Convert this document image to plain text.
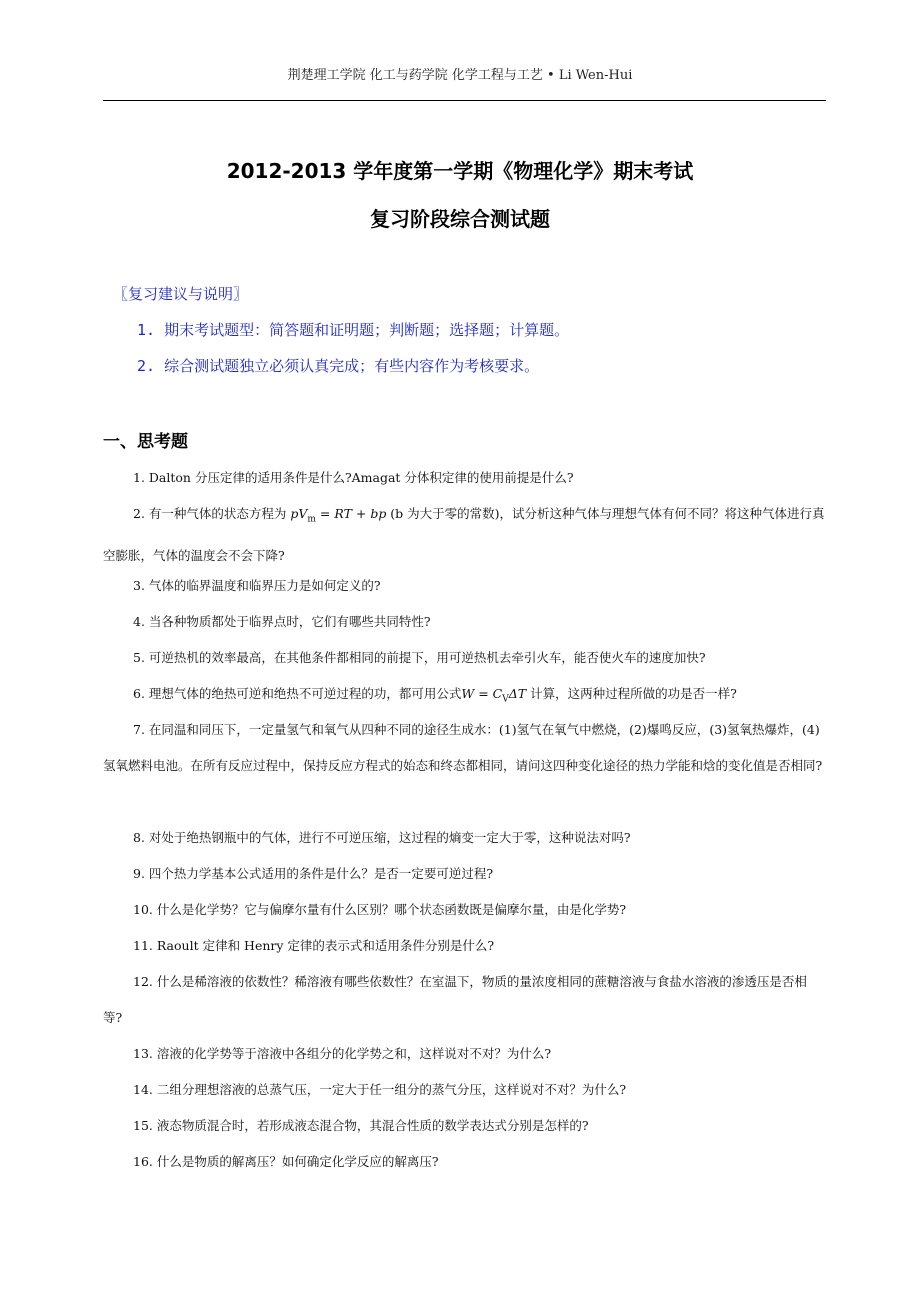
荆楚理工学院 化工与药学院 化学工程与工艺 • Li Wen-Hui
2012-2013 学年度第一学期《物理化学》期末考试
复习阶段综合测试题
〖复习建议与说明〗
1. 期末考试题型：简答题和证明题；判断题；选择题；计算题。
2. 综合测试题独立必须认真完成；有些内容作为考核要求。
一、思考题
1. Dalton 分压定律的适用条件是什么?Amagat 分体积定律的使用前提是什么?
2. 有一种气体的状态方程为 $pV_m$ = RT + bp (b 为大于零的常数)，试分析这种气体与理想气体有何不同？将这种气体进行真空膨胀，气体的温度会不会下降?
3. 气体的临界温度和临界压力是如何定义的?
4. 当各种物质都处于临界点时，它们有哪些共同特性?
5. 可逆热机的效率最高，在其他条件都相同的前提下，用可逆热机去牵引火车，能否使火车的速度加快?
6. 理想气体的绝热可逆和绝热不可逆过程的功，都可用公式$W = C_V\Delta T$ 计算，这两种过程所做的功是否一样?
7. 在同温和同压下，一定量氢气和氧气从四种不同的途径生成水：(1)氢气在氧气中燃烧，(2)爆鸣反应，(3)氢氧热爆炸，(4)氢氧燃料电池。在所有反应过程中，保持反应方程式的始态和终态都相同，请问这四种变化途径的热力学能和焓的变化值是否相同?
8. 对处于绝热钢瓶中的气体，进行不可逆压缩，这过程的熵变一定大于零，这种说法对吗?
9. 四个热力学基本公式适用的条件是什么？是否一定要可逆过程?
10. 什么是化学势？它与偏摩尔量有什么区别？哪个状态函数既是偏摩尔量，由是化学势?
11. Raoult 定律和 Henry 定律的表示式和适用条件分别是什么?
12. 什么是稀溶液的依数性？稀溶液有哪些依数性？在室温下，物质的量浓度相同的蔗糖溶液与食盐水溶液的渗透压是否相等?
13. 溶液的化学势等于溶液中各组分的化学势之和，这样说对不对？为什么?
14. 二组分理想溶液的总蒸气压，一定大于任一组分的蒸气分压，这样说对不对？为什么?
15. 液态物质混合时，若形成液态混合物，其混合性质的数学表达式分别是怎样的?
16. 什么是物质的解离压？如何确定化学反应的解离压?
